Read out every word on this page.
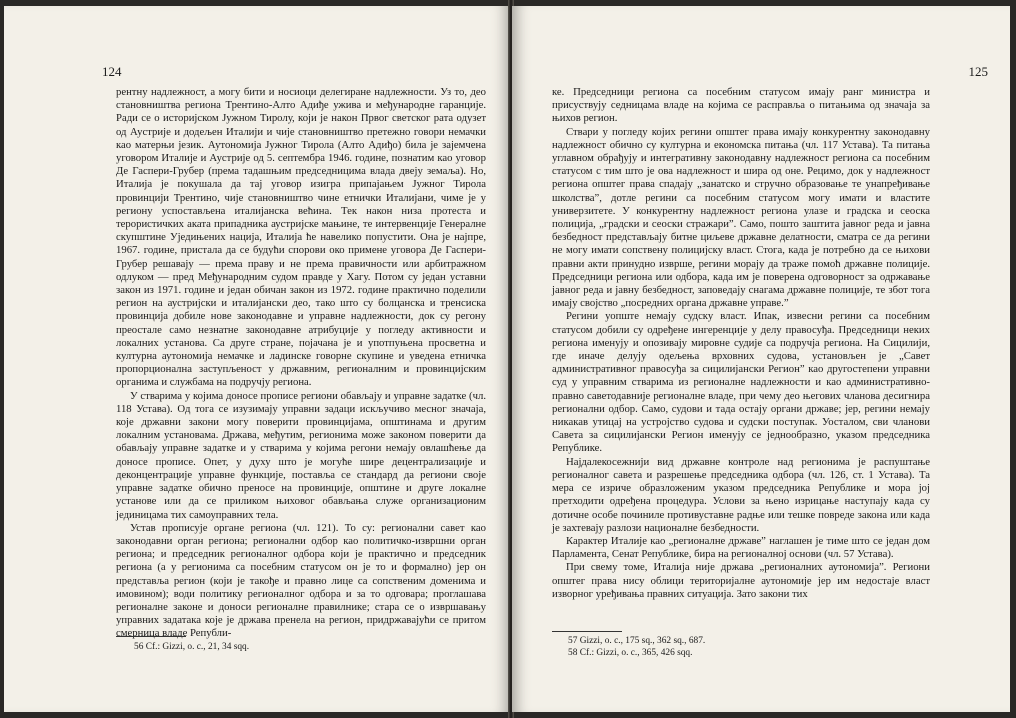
124

рентну надлежност, а могу бити и носиоци делегиране надлежности. Уз то, део становништва региона Трентино-Алто Адиђе ужива и међународне гаранције. Ради се о историјском Јужном Тиролу, који је након Првог светског рата одузет од Аустрије и додељен Италији и чије становништво претежно говори немачки као матерњи језик. Аутономија Јужног Тирола (Алто Адиђо) била је зајемчена уговором Италије и Аустрије од 5. септембра 1946. године, познатим као уговор Де Гаспери-Грубер (према тадашњим председницима влада двеју земаља). Но, Италија је покушала да тај уговор изигра припајањем Јужног Тирола провинцији Трентино, чије становништво чине етнички Италијани, чиме је у региону успостављена италијанска већина. Тек након низа протеста и терористичких аката припадника аустријске мањине, те интервенције Генералне скупштине Уједињених нација, Италија ће навелико попустити. Она је најпре, 1967. године, пристала да се будући спорови око примене уговора Де Гаспери-Грубер решавају — према праву и не према правичности или арбитражном одлуком — пред Међународним судом правде у Хагу. Потом су један уставни закон из 1971. године и један обичан закон из 1972. године практично поделили регион на аустријски и италијански део, тако што су болцанска и тренсиска провинција добиле нове законодавне и управне надлежности, док су регону преостале само незнатне законодавне атрибуције у погледу активности и локалних установа. Са друге стране, појачана је и употпуњена просветна и културна аутономија немачке и ладинске говорне скупине и уведена етничка пропорционална заступљеност у државним, регионалним и провинцијским органима и службама на подручју региона.

У стварима у којима доносе прописе региони обављају и управне задатке (чл. 118 Устава). Од тога се изузимају управни задаци искључиво месног значаја, које државни закони могу поверити провинцијама, општинама и другим локалним установама. Држава, међутим, регионима може законом поверити да обављају управне задатке и у стварима у којима регони немају овлашћење да доносе прописе. Опет, у духу што је могуће шире децентрализације и деконцентрације управне функције, поставља се стандард да региони своје управне задатке обично преносе на провинције, општине и друге локалне установе или да се приликом њиховог обављања служе организационим јединицама тих самоуправних тела.

Устав прописује органе региона (чл. 121). То су: регионални савет као законодавни орган региона; регионални одбор као политичко-извршни орган региона; и председник регионалног одбора који је практично и председник региона (а у регионима са посебним статусом он је то и формално) јер он представља регион (који је такође и правно лице са сопственим доменима и имовином); води политику регионалног одбора и за то одговара; проглашава регионалне законе и доноси регионалне правилнике; стара се о извршавању управних задатака које је држава пренела на регион, придржавајући се притом смерница владе Републи-

56 Cf.: Gizzi, o. c., 21, 34 sqq.
125

ке. Председници региона са посебним статусом имају ранг министра и присуствују седницама владе на којима се расправља о питањима од значаја за њихов регион.

Ствари у погледу којих регини општег права имају конкурентну законодавну надлежност обично су културна и економска питања (чл. 117 Устава). Та питања углавном обрађују и интегративну законодавну надлежност региона са посебним статусом с тим што је ова надлежност и шира од оне. Рецимо, док у надлежност региона општег права спадају „занатско и стручно образовање те унапређивање школства”, дотле регини са посебним статусом могу имати и властите универзитете. У конкурентну надлежност региона улазе и градска и сеоска полиција, „градски и сеоски стражари”. Само, пошто заштита јавног реда и јавна безбедност представљају битне циљеве државне делатности, сматра се да регини не могу имати сопствену полицијску власт. Стога, када је потребно да се њихови правни акти принудно изврше, регини морају да траже помоћ државне полиције. Председници региона или одбора, када им је поверена одговорност за одржавање јавног реда и јавну безбедност, заповедају снагама државне полиције, те збот тога имају својство „посредних органа државне управе.”

Регини уопште немају судску власт. Ипак, извесни регини са посебним статусом добили су одређене ингеренције у делу правосуђа. Председници неких региона именују и опозивају мировне судије са подручја региона. На Сицилији, где иначе делују одељења врховних судова, установљен је „Савет административног правосуђа за сицилијански Регион” као другостепени управни суд у управним стварима из регионалне надлежности и као административно-правно саветодавније регионалне владе, при чему део његових чланова десигнира регионални одбор. Само, судови и тада остају органи државе; јер, регини немају никакав утицај на устројство судова и судски поступак. Уосталом, сви чланови Савета за сицилијански Регион именују се једнообразно, указом председника Републике.

Најдалекосежнији вид државне контроле над регионима је распуштање регионалног савета и разрешење председника одбора (чл. 126, ст. 1 Устава). Та мера се изриче образложеним указом председника Републике и мора јој претходити одређена процедура. Услови за њено изрицање наступају када су дотичне особе починиле противуставне радње или тешке повреде закона или када је захтевају разлози националне безбедности.

Карактер Италије као „регионалне државе” наглашен је тиме што се један дом Парламента, Сенат Републике, бира на регионалној основи (чл. 57 Устава).

При свему томе, Италија није држава „регионалних аутономија”. Региони општег права нису облици територијалне аутономије јер им недостаје власт изворног уређивања правних ситуација. Зато закони тих

57 Gizzi, o. c., 175 sq., 362 sq., 687.
58 Cf.: Gizzi, o. c., 365, 426 sqq.
